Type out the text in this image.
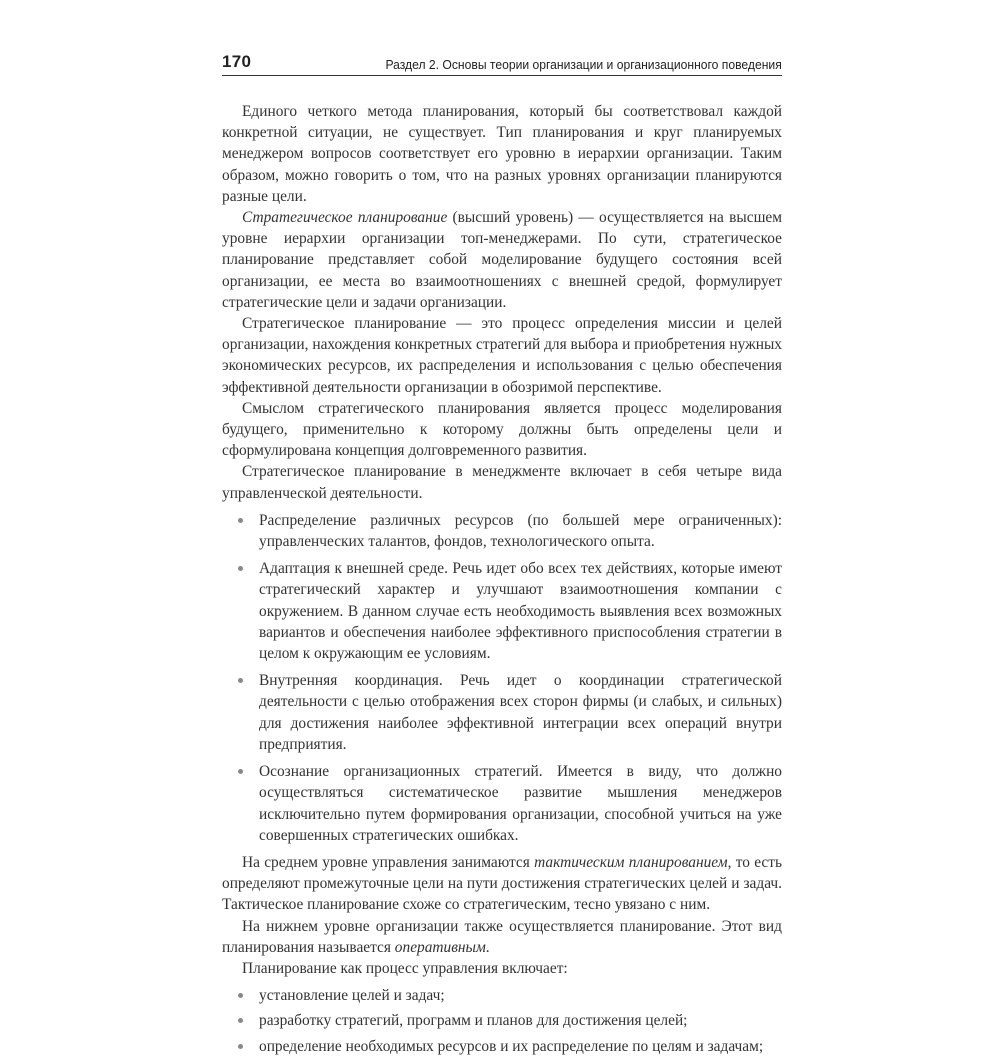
170	Раздел 2. Основы теории организации и организационного поведения

Единого четкого метода планирования, который бы соответствовал каждой конкретной ситуации, не существует. Тип планирования и круг планируемых менеджером вопросов соответствует его уровню в иерархии организации. Таким образом, можно говорить о том, что на разных уровнях организации планируются разные цели.

Стратегическое планирование (высший уровень) — осуществляется на высшем уровне иерархии организации топ-менеджерами. По сути, стратегическое планирование представляет собой моделирование будущего состояния всей организации, ее места во взаимоотношениях с внешней средой, формулирует стратегические цели и задачи организации.

Стратегическое планирование — это процесс определения миссии и целей организации, нахождения конкретных стратегий для выбора и приобретения нужных экономических ресурсов, их распределения и использования с целью обеспечения эффективной деятельности организации в обозримой перспективе.

Смыслом стратегического планирования является процесс моделирования будущего, применительно к которому должны быть определены цели и сформулирована концепция долговременного развития.

Стратегическое планирование в менеджменте включает в себя четыре вида управленческой деятельности.

Распределение различных ресурсов (по большей мере ограниченных): управленческих талантов, фондов, технологического опыта.
Адаптация к внешней среде. Речь идет обо всех тех действиях, которые имеют стратегический характер и улучшают взаимоотношения компании с окружением. В данном случае есть необходимость выявления всех возможных вариантов и обеспечения наиболее эффективного приспособления стратегии в целом к окружающим ее условиям.
Внутренняя координация. Речь идет о координации стратегической деятельности с целью отображения всех сторон фирмы (и слабых, и сильных) для достижения наиболее эффективной интеграции всех операций внутри предприятия.
Осознание организационных стратегий. Имеется в виду, что должно осуществляться систематическое развитие мышления менеджеров исключительно путем формирования организации, способной учиться на уже совершенных стратегических ошибках.

На среднем уровне управления занимаются тактическим планированием, то есть определяют промежуточные цели на пути достижения стратегических целей и задач. Тактическое планирование схоже со стратегическим, тесно увязано с ним.

На нижнем уровне организации также осуществляется планирование. Этот вид планирования называется оперативным.

Планирование как процесс управления включает:

установление целей и задач;
разработку стратегий, программ и планов для достижения целей;
определение необходимых ресурсов и их распределение по целям и задачам;
